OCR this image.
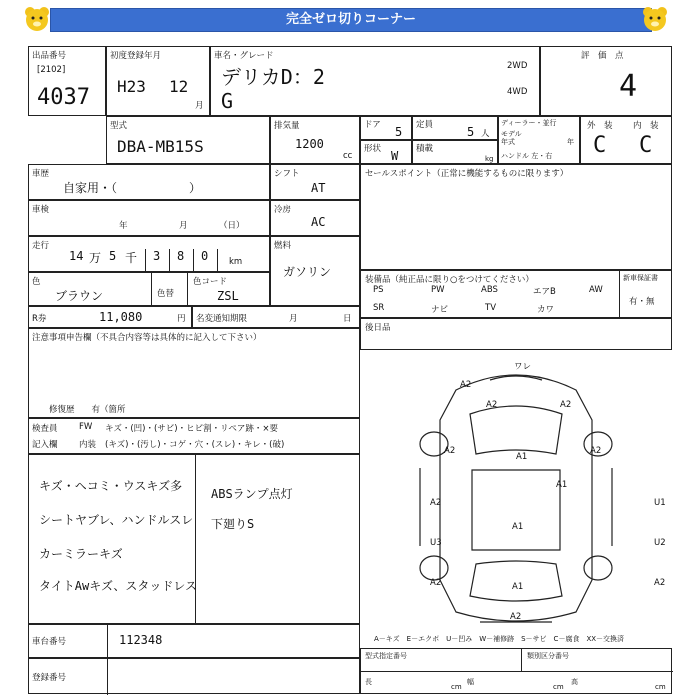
完全ゼロ切りコーナー
出品番号
[2102]
4037
初度登録年月
H23 12
月
車名・グレード
デリカD：2
G
2WD
4WD
評　価　点
4
型式
DBA-MB15S
排気量
1200
cc
ドア 5 定員	5 人
ディーラー・並行
モデル
年式	年
ハンドル 左・右
形状 W 積載
kg
外　装 内　装
C C
車歴
自家用・（　　　　　　）
シフト
AT
セールスポイント（正常に機能するものに限ります）
車検
年	月	（日）
冷房
AC
走行
14 万 5 千 3 8 0 km
燃料
ガソリン
色
ブラウン	色替
色コード
ZSL
装備品（純正品に限り○をつけてください）
PS	PW	ABS	エアB	AW
SR	ナビ	TV	カワ
新車保証書
有・無
R券	11,080	円 名変通知期限	月	日
後日品
注意事項申告欄（不具合内容等は具体的に記入して下さい）
修復歴　　有（箇所
検査員
記入欄
FW キズ・(凹)・(サビ)・ヒビ割・リペア跡・×要
内装 (キズ)・(汚し)・コゲ・穴・(スレ)・キレ・(破)
キズ・ヘコミ・ウスキズ多
シートヤブレ、ハンドルスレ
カーミラーキズ
タイトAwキズ、スタッドレス
ABSランプ点灯
下廻りS
A2	A2
A2
A1
A2
A2
A1
U1
U3	U2
A1
A2	A2
A1
A2
A2
ワレ
A－キズ　E－エクボ　U－凹み　W－補修跡　S－サビ　C－腐食　XX－交換済
車台番号	112348
登録番号
型式指定番号	類別区分番号
長
cm
幅
cm
高
cm
